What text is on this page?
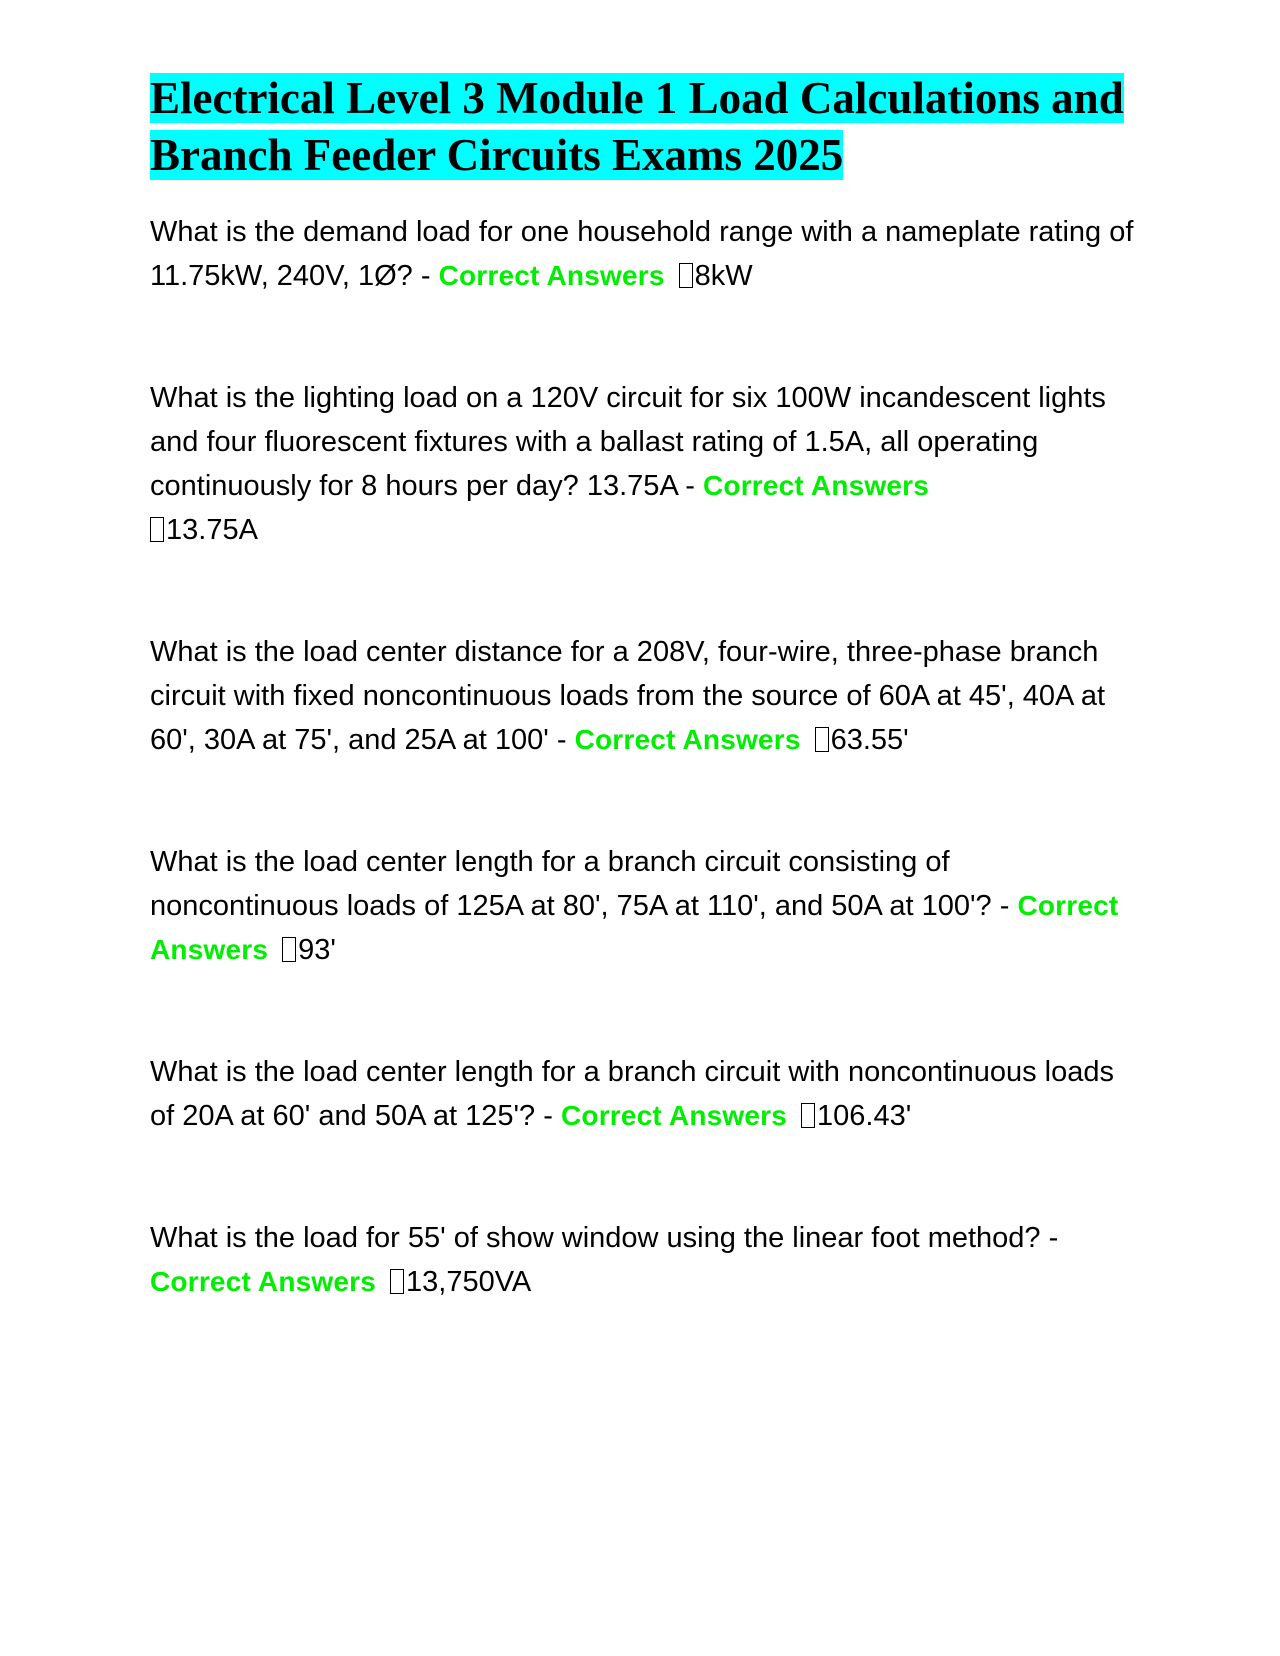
Electrical Level 3 Module 1 Load Calculations and Branch Feeder Circuits Exams 2025

What is the demand load for one household range with a nameplate rating of 11.75kW, 240V, 1Ø? - Correct Answers 8kW

What is the lighting load on a 120V circuit for six 100W incandescent lights and four fluorescent fixtures with a ballast rating of 1.5A, all operating continuously for 8 hours per day? 13.75A - Correct Answers
13.75A

What is the load center distance for a 208V, four-wire, three-phase branch circuit with fixed noncontinuous loads from the source of 60A at 45', 40A at 60', 30A at 75', and 25A at 100' - Correct Answers 63.55'

What is the load center length for a branch circuit consisting of noncontinuous loads of 125A at 80', 75A at 110', and 50A at 100'? - Correct Answers 93'

What is the load center length for a branch circuit with noncontinuous loads of 20A at 60' and 50A at 125'? - Correct Answers 106.43'

What is the load for 55' of show window using the linear foot method? - Correct Answers 13,750VA
